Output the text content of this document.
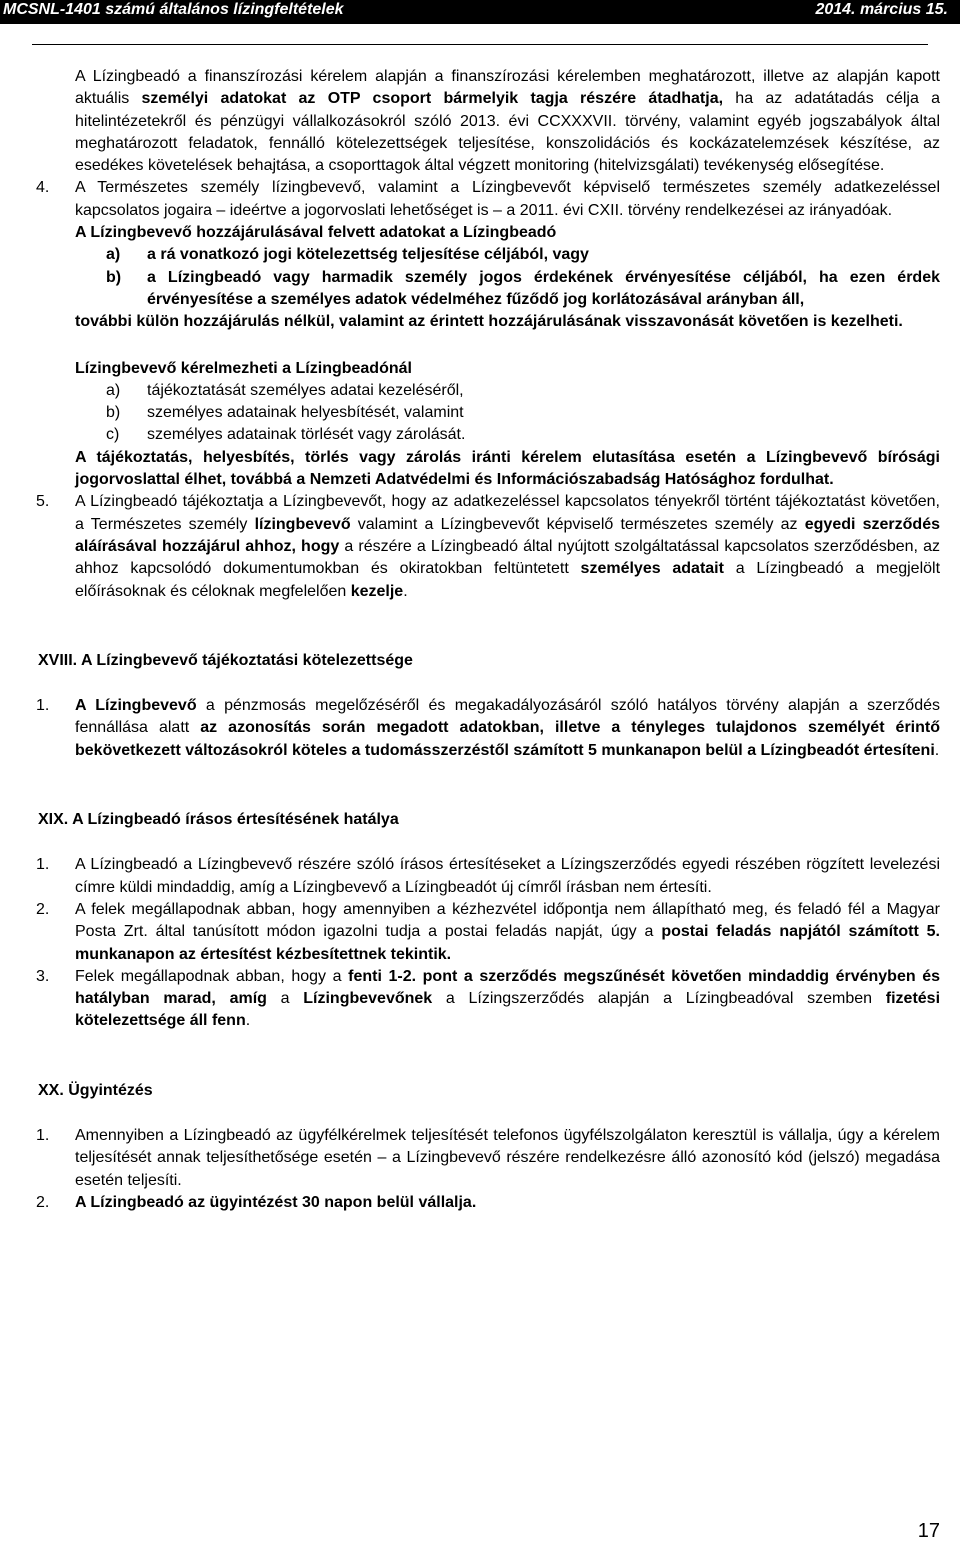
MCSNL-1401 számú általános lízingfeltételek	2014. március 15.

A Lízingbeadó a finanszírozási kérelem alapján a finanszírozási kérelemben meghatározott, illetve az alapján kapott aktuális személyi adatokat az OTP csoport bármelyik tagja részére átadhatja, ha az adatátadás célja a hitelintézetekről és pénzügyi vállalkozásokról szóló 2013. évi CCXXXVII. törvény, valamint egyéb jogszabályok által meghatározott feladatok, fennálló kötelezettségek teljesítése, konszolidációs és kockázatelemzések készítése, az esedékes követelések behajtása, a csoporttagok által végzett monitoring (hitelvizsgálati) tevékenység elősegítése.

4. A Természetes személy lízingbevevő, valamint a Lízingbevevőt képviselő természetes személy adatkezeléssel kapcsolatos jogaira – ideértve a jogorvoslati lehetőséget is – a 2011. évi CXII. törvény rendelkezései az irányadóak.

A Lízingbevevő hozzájárulásával felvett adatokat a Lízingbeadó

a) a rá vonatkozó jogi kötelezettség teljesítése céljából, vagy
b) a Lízingbeadó vagy harmadik személy jogos érdekének érvényesítése céljából, ha ezen érdek érvényesítése a személyes adatok védelméhez fűződő jog korlátozásával arányban áll,

további külön hozzájárulás nélkül, valamint az érintett hozzájárulásának visszavonását követően is kezelheti.

Lízingbevevő kérelmezheti a Lízingbeadónál

a) tájékoztatását személyes adatai kezeléséről,
b) személyes adatainak helyesbítését, valamint
c) személyes adatainak törlését vagy zárolását.

A tájékoztatás, helyesbítés, törlés vagy zárolás iránti kérelem elutasítása esetén a Lízingbevevő bírósági jogorvoslattal élhet, továbbá a Nemzeti Adatvédelmi és Információszabadság Hatósághoz fordulhat.

5. A Lízingbeadó tájékoztatja a Lízingbevevőt, hogy az adatkezeléssel kapcsolatos tényekről történt tájékoztatást követően, a Természetes személy lízingbevevő valamint a Lízingbevevőt képviselő természetes személy az egyedi szerződés aláírásával hozzájárul ahhoz, hogy a részére a Lízingbeadó által nyújtott szolgáltatással kapcsolatos szerződésben, az ahhoz kapcsolódó dokumentumokban és okiratokban feltüntetett személyes adatait a Lízingbeadó a megjelölt előírásoknak és céloknak megfelelően kezelje.

XVIII. A Lízingbevevő tájékoztatási kötelezettsége

1. A Lízingbevevő a pénzmosás megelőzéséről és megakadályozásáról szóló hatályos törvény alapján a szerződés fennállása alatt az azonosítás során megadott adatokban, illetve a tényleges tulajdonos személyét érintő bekövetkezett változásokról köteles a tudomásszerzéstől számított 5 munkanapon belül a Lízingbeadót értesíteni.

XIX. A Lízingbeadó írásos értesítésének hatálya

1. A Lízingbeadó a Lízingbevevő részére szóló írásos értesítéseket a Lízingszerződés egyedi részében rögzített levelezési címre küldi mindaddig, amíg a Lízingbevevő a Lízingbeadót új címről írásban nem értesíti.

2. A felek megállapodnak abban, hogy amennyiben a kézhezvétel időpontja nem állapítható meg, és feladó fél a Magyar Posta Zrt. által tanúsított módon igazolni tudja a postai feladás napját, úgy a postai feladás napjától számított 5. munkanapon az értesítést kézbesítettnek tekintik.

3. Felek megállapodnak abban, hogy a fenti 1-2. pont a szerződés megszűnését követően mindaddig érvényben és hatályban marad, amíg a Lízingbevevőnek a Lízingszerződés alapján a Lízingbeadóval szemben fizetési kötelezettsége áll fenn.

XX. Ügyintézés

1. Amennyiben a Lízingbeadó az ügyfélkérelmek teljesítését telefonos ügyfélszolgálaton keresztül is vállalja, úgy a kérelem teljesítését annak teljesíthetősége esetén – a Lízingbevevő részére rendelkezésre álló azonosító kód (jelszó) megadása esetén teljesíti.

2. A Lízingbeadó az ügyintézést 30 napon belül vállalja.

17
